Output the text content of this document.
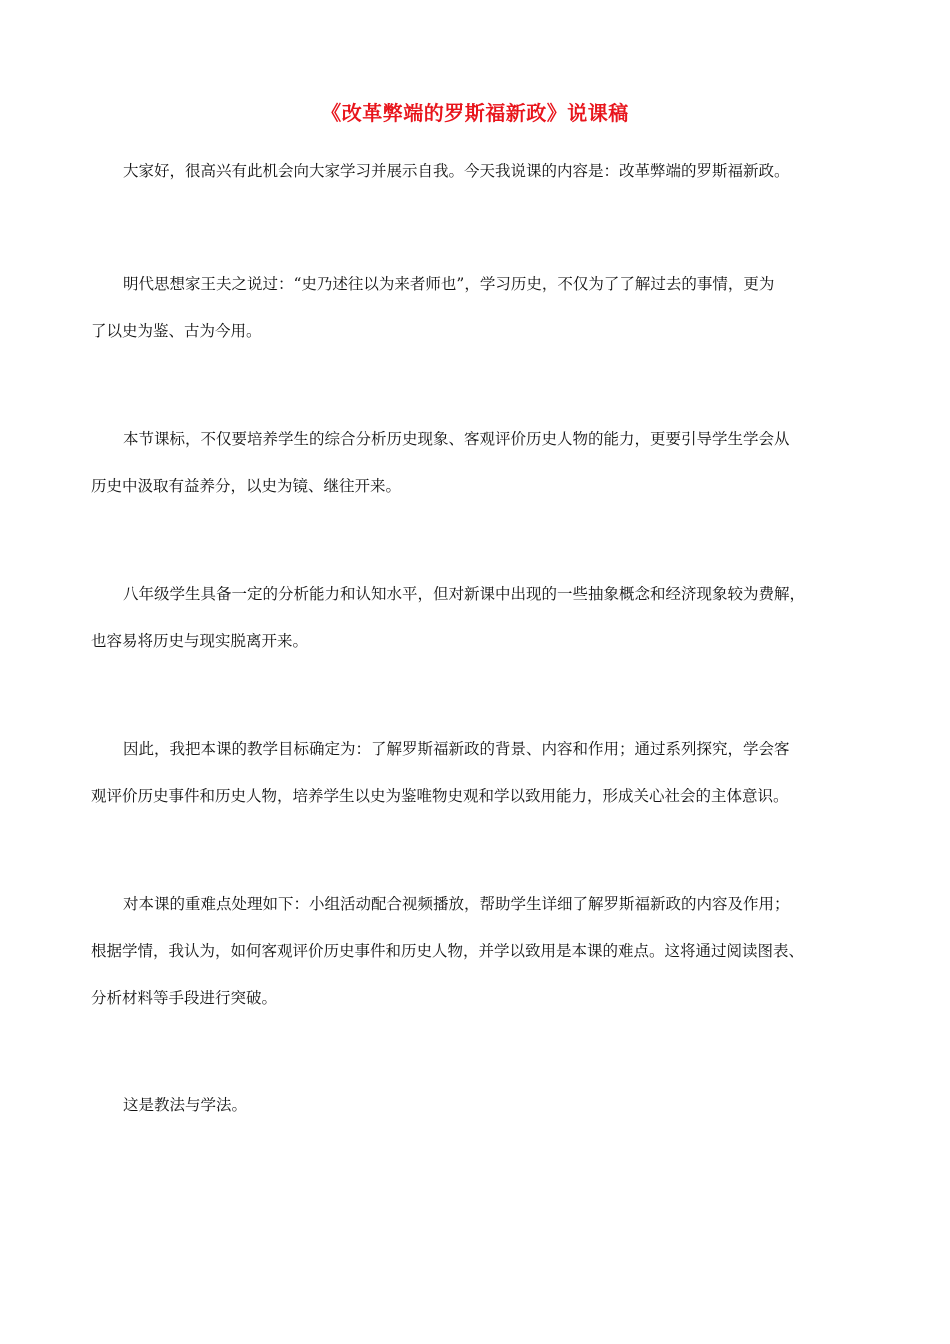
《改革弊端的罗斯福新政》说课稿

大家好，很高兴有此机会向大家学习并展示自我。今天我说课的内容是：改革弊端的罗斯福新政。

明代思想家王夫之说过：“史乃述往以为来者师也”，学习历史，不仅为了了解过去的事情，更为
了以史为鉴、古为今用。

本节课标，不仅要培养学生的综合分析历史现象、客观评价历史人物的能力，更要引导学生学会从
历史中汲取有益养分，以史为镜、继往开来。

八年级学生具备一定的分析能力和认知水平，但对新课中出现的一些抽象概念和经济现象较为费解，
也容易将历史与现实脱离开来。

因此，我把本课的教学目标确定为：了解罗斯福新政的背景、内容和作用；通过系列探究，学会客
观评价历史事件和历史人物，培养学生以史为鉴唯物史观和学以致用能力，形成关心社会的主体意识。

对本课的重难点处理如下：小组活动配合视频播放，帮助学生详细了解罗斯福新政的内容及作用；
根据学情，我认为，如何客观评价历史事件和历史人物，并学以致用是本课的难点。这将通过阅读图表、
分析材料等手段进行突破。

这是教法与学法。
